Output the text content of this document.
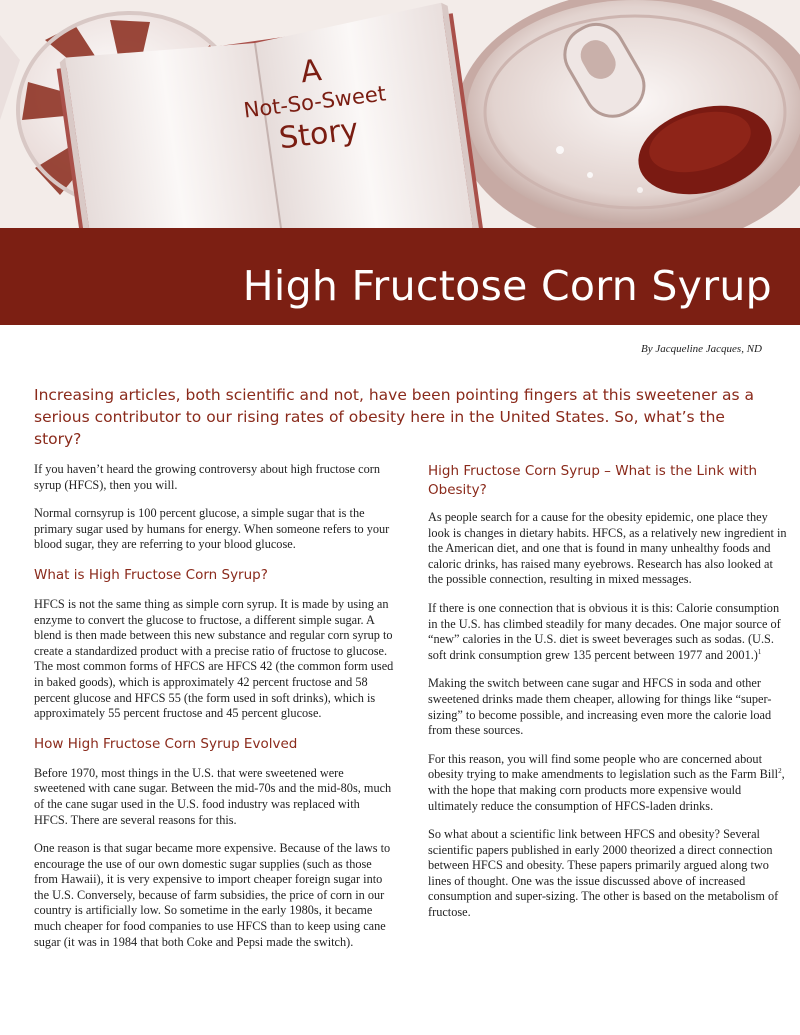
A
Not-So-Sweet
Story
High Fructose Corn Syrup
By Jacqueline Jacques, ND
Increasing articles, both scientific and not, have been pointing fingers at this sweetener as a serious contributor to our rising rates of obesity here in the United States. So, what’s the story?

If you haven’t heard the growing controversy about high fructose corn syrup (HFCS), then you will.

Normal cornsyrup is 100 percent glucose, a simple sugar that is the primary sugar used by humans for energy. When someone refers to your blood sugar, they are referring to your blood glucose.

What is High Fructose Corn Syrup?

HFCS is not the same thing as simple corn syrup. It is made by using an enzyme to convert the glucose to fructose, a different simple sugar. A blend is then made between this new substance and regular corn syrup to create a standardized product with a precise ratio of fructose to glucose. The most common forms of HFCS are HFCS 42 (the common form used in baked goods), which is approximately 42 percent fructose and 58 percent glucose and HFCS 55 (the form used in soft drinks), which is approximately 55 percent fructose and 45 percent glucose.

How High Fructose Corn Syrup Evolved

Before 1970, most things in the U.S. that were sweetened were sweetened with cane sugar. Between the mid-70s and the mid-80s, much of the cane sugar used in the U.S. food industry was replaced with HFCS. There are several reasons for this.

One reason is that sugar became more expensive. Because of the laws to encourage the use of our own domestic sugar supplies (such as those from Hawaii), it is very expensive to import cheaper foreign sugar into the U.S. Conversely, because of farm subsidies, the price of corn in our country is artificially low. So sometime in the early 1980s, it became much cheaper for food companies to use HFCS than to keep using cane sugar (it was in 1984 that both Coke and Pepsi made the switch).

High Fructose Corn Syrup – What is the Link with Obesity?

As people search for a cause for the obesity epidemic, one place they look is changes in dietary habits. HFCS, as a relatively new ingredient in the American diet, and one that is found in many unhealthy foods and caloric drinks, has raised many eyebrows. Research has also looked at the possible connection, resulting in mixed messages.

If there is one connection that is obvious it is this: Calorie consumption in the U.S. has climbed steadily for many decades. One major source of “new” calories in the U.S. diet is sweet beverages such as sodas. (U.S. soft drink consumption grew 135 percent between 1977 and 2001.)$^1$

Making the switch between cane sugar and HFCS in soda and other sweetened drinks made them cheaper, allowing for things like “super-sizing” to become possible, and increasing even more the calorie load from these sources.

For this reason, you will find some people who are concerned about obesity trying to make amendments to legislation such as the Farm Bill$^2$, with the hope that making corn products more expensive would ultimately reduce the consumption of HFCS-laden drinks.

So what about a scientific link between HFCS and obesity? Several scientific papers published in early 2000 theorized a direct connection between HFCS and obesity. These papers primarily argued along two lines of thought. One was the issue discussed above of increased consumption and super-sizing. The other is based on the metabolism of fructose.
